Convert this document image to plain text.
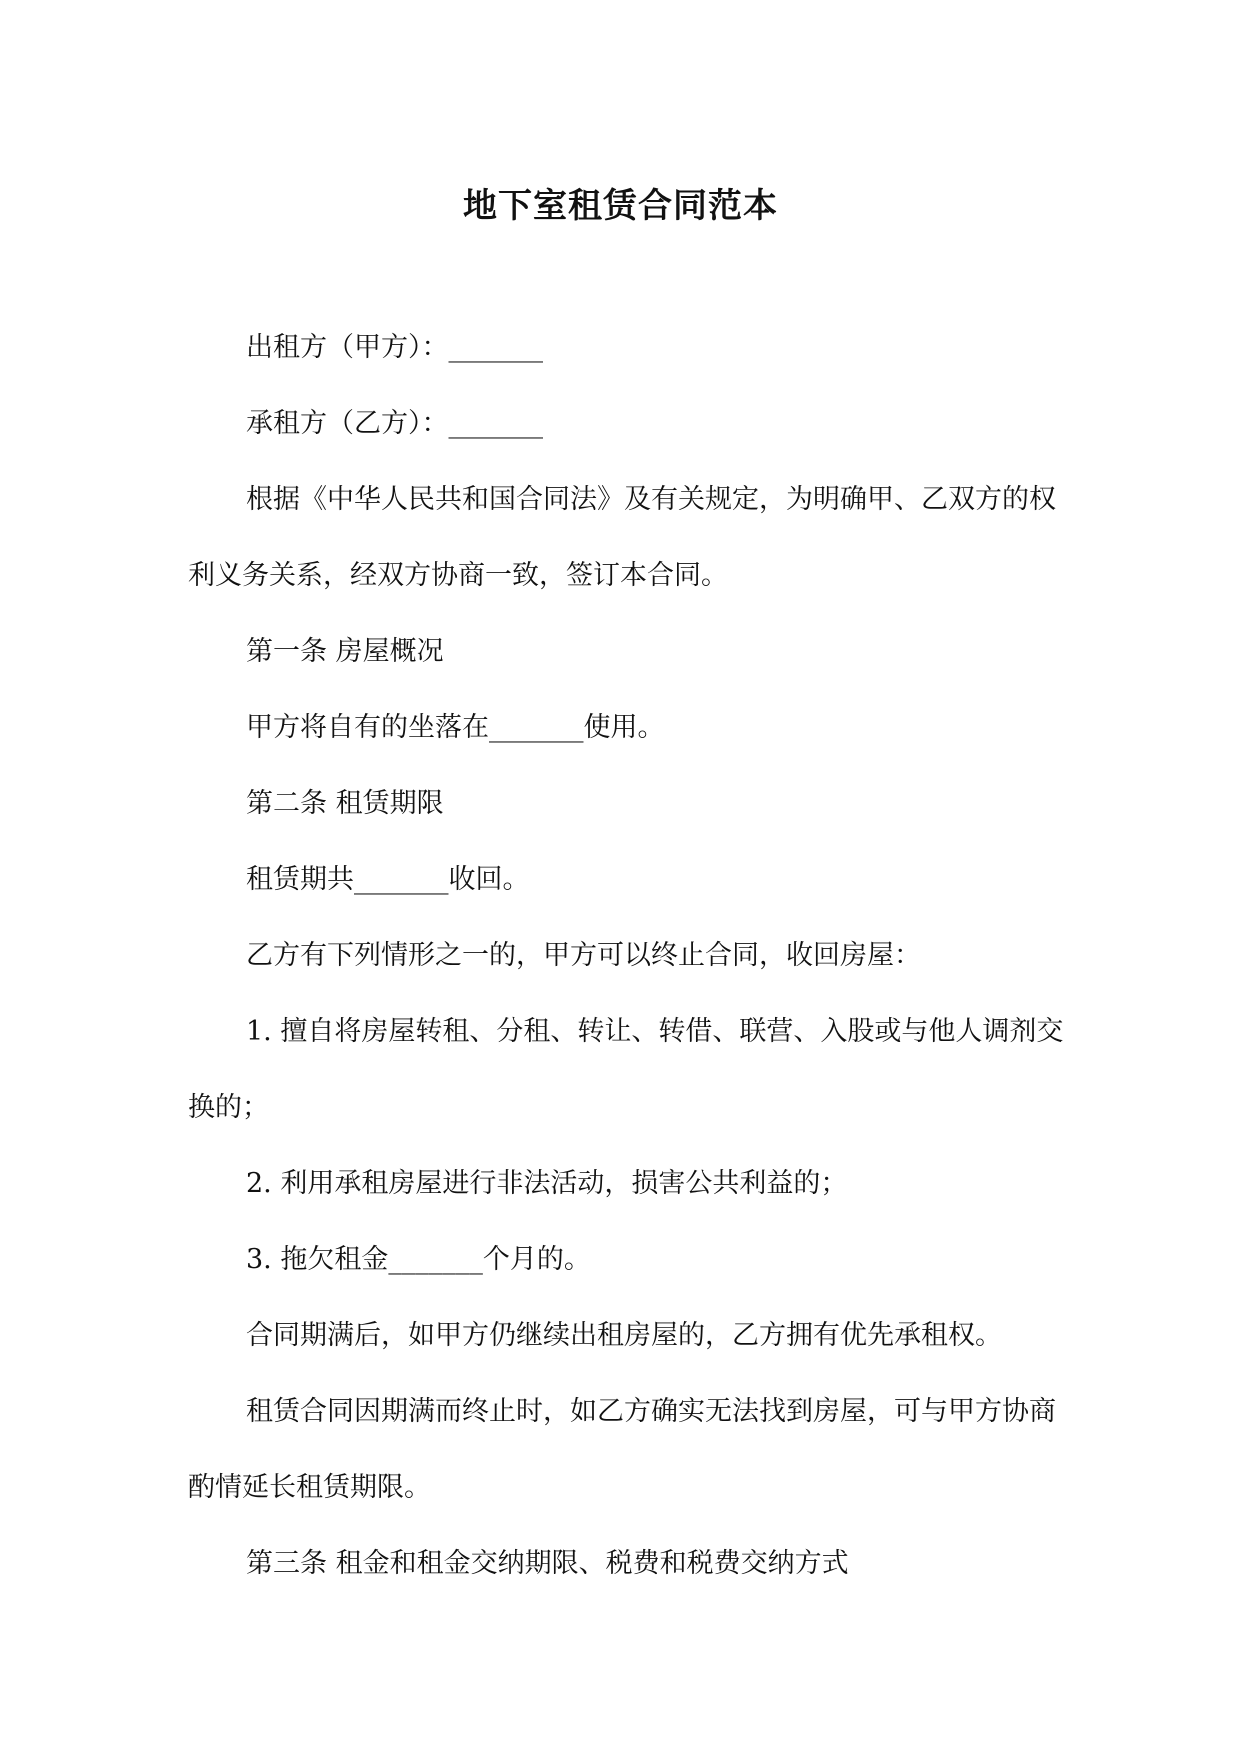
地下室租赁合同范本

出租方（甲方）：_______

承租方（乙方）：_______

根据《中华人民共和国合同法》及有关规定，为明确甲、乙双方的权利义务关系，经双方协商一致，签订本合同。

第一条 房屋概况

甲方将自有的坐落在_______使用。

第二条 租赁期限

租赁期共_______收回。

乙方有下列情形之一的，甲方可以终止合同，收回房屋：

1. 擅自将房屋转租、分租、转让、转借、联营、入股或与他人调剂交换的；

2. 利用承租房屋进行非法活动，损害公共利益的；

3. 拖欠租金_______个月的。

合同期满后，如甲方仍继续出租房屋的，乙方拥有优先承租权。

租赁合同因期满而终止时，如乙方确实无法找到房屋，可与甲方协商酌情延长租赁期限。

第三条 租金和租金交纳期限、税费和税费交纳方式
